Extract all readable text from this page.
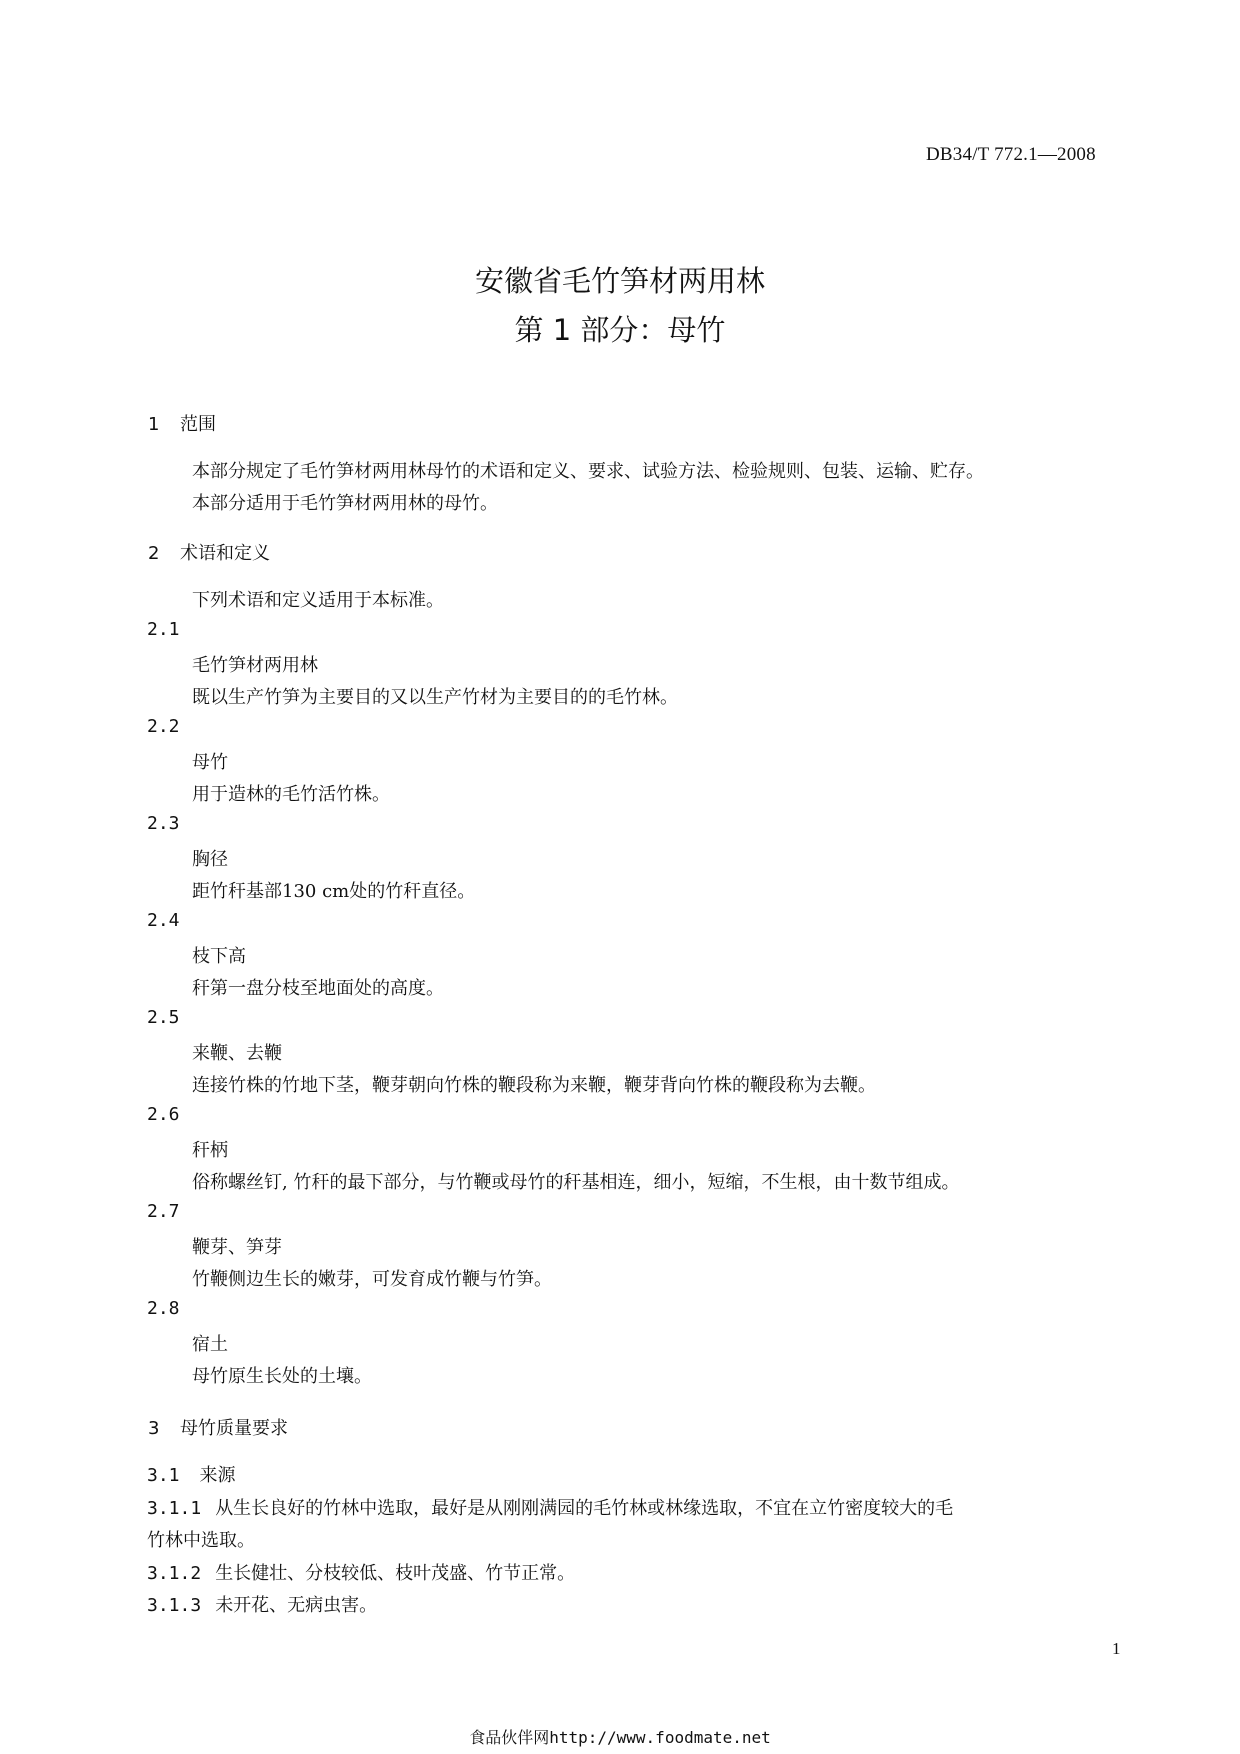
DB34/T 772.1—2008
安徽省毛竹笋材两用林
第 1 部分：母竹
1 范围
本部分规定了毛竹笋材两用林母竹的术语和定义、要求、试验方法、检验规则、包装、运输、贮存。
本部分适用于毛竹笋材两用林的母竹。
2 术语和定义
下列术语和定义适用于本标准。
2.1
毛竹笋材两用林
既以生产竹笋为主要目的又以生产竹材为主要目的的毛竹林。
2.2
母竹
用于造林的毛竹活竹株。
2.3
胸径
距竹秆基部130 cm处的竹秆直径。
2.4
枝下高
秆第一盘分枝至地面处的高度。
2.5
来鞭、去鞭
连接竹株的竹地下茎，鞭芽朝向竹株的鞭段称为来鞭，鞭芽背向竹株的鞭段称为去鞭。
2.6
秆柄
俗称螺丝钉, 竹秆的最下部分，与竹鞭或母竹的秆基相连，细小，短缩，不生根，由十数节组成。
2.7
鞭芽、笋芽
竹鞭侧边生长的嫩芽，可发育成竹鞭与竹笋。
2.8
宿土
母竹原生长处的土壤。
3 母竹质量要求
3.1 来源
3.1.1 从生长良好的竹林中选取，最好是从刚刚满园的毛竹林或林缘选取，不宜在立竹密度较大的毛
竹林中选取。
3.1.2 生长健壮、分枝较低、枝叶茂盛、竹节正常。
3.1.3 未开花、无病虫害。
1
食品伙伴网http://www.foodmate.net
